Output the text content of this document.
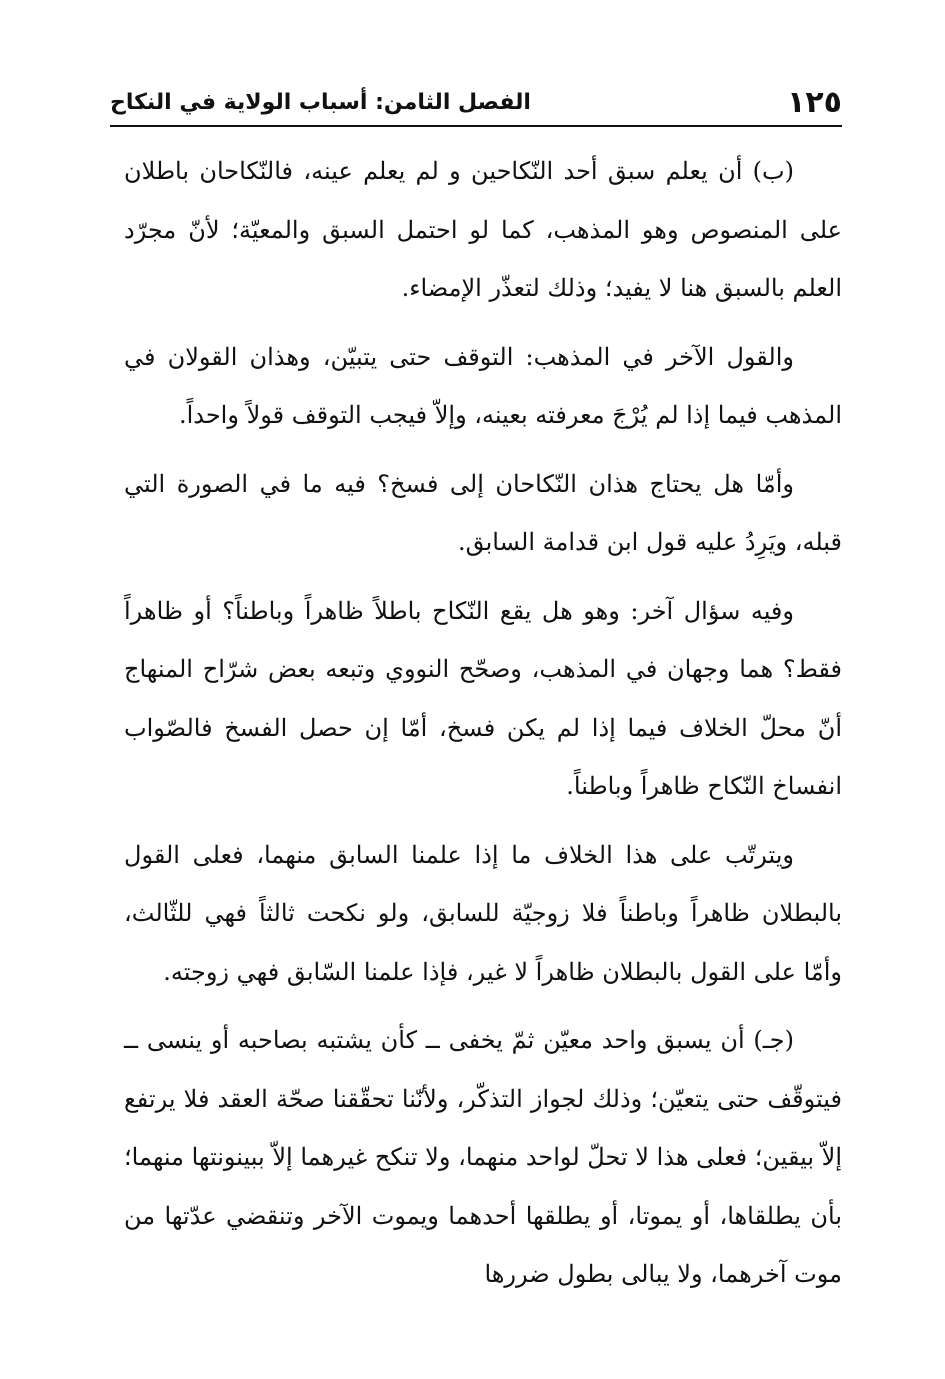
١٢٥
الفصل الثامن: أسباب الولاية في النكاح

(ب) أن يعلم سبق أحد النّكاحين و لم يعلم عينه، فالنّكاحان باطلان على المنصوص وهو المذهب، كما لو احتمل السبق والمعيّة؛ لأنّ مجرّد العلم بالسبق هنا لا يفيد؛ وذلك لتعذّر الإمضاء.

والقول الآخر في المذهب: التوقف حتى يتبيّن، وهذان القولان في المذهب فيما إذا لم يُرْجَ معرفته بعينه، وإلاّ فيجب التوقف قولاً واحداً.

وأمّا هل يحتاج هذان النّكاحان إلى فسخ؟ فيه ما في الصورة التي قبله، ويَرِدُ عليه قول ابن قدامة السابق.

وفيه سؤال آخر: وهو هل يقع النّكاح باطلاً ظاهراً وباطناً؟ أو ظاهراً فقط؟ هما وجهان في المذهب، وصحّح النووي وتبعه بعض شرّاح المنهاج أنّ محلّ الخلاف فيما إذا لم يكن فسخ، أمّا إن حصل الفسخ فالصّواب انفساخ النّكاح ظاهراً وباطناً.

ويترتّب على هذا الخلاف ما إذا علمنا السابق منهما، فعلى القول بالبطلان ظاهراً وباطناً فلا زوجيّة للسابق، ولو نكحت ثالثاً فهي للثّالث، وأمّا على القول بالبطلان ظاهراً لا غير، فإذا علمنا السّابق فهي زوجته.

(جـ) أن يسبق واحد معيّن ثمّ يخفى ــ كأن يشتبه بصاحبه أو ينسى ــ فيتوقّف حتى يتعيّن؛ وذلك لجواز التذكّر، ولأنّنا تحقّقنا صحّة العقد فلا يرتفع إلاّ بيقين؛ فعلى هذا لا تحلّ لواحد منهما، ولا تنكح غيرهما إلاّ ببينونتها منهما؛ بأن يطلقاها، أو يموتا، أو يطلقها أحدهما ويموت الآخر وتنقضي عدّتها من موت آخرهما، ولا يبالى بطول ضررها
